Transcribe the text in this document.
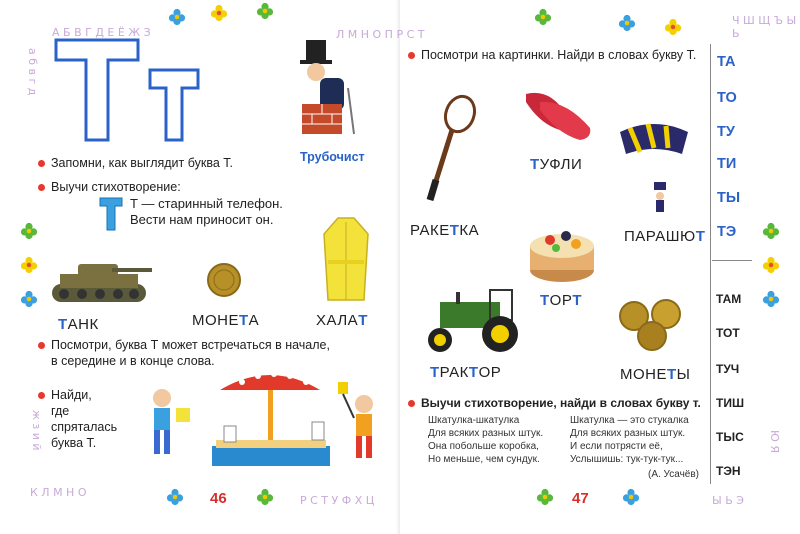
А Б В Г Д Е Ё Ж З
а б в г д
К Л М Н О
ж з и й
Р С Т У Ф Х Ц
Трубочист
Запомни, как выглядит буква Т.
Выучи стихотворение:
Т — старинный телефон.
Вести нам приносит он.
ТАНК	МОНЕТА	ХАЛАТ
Посмотри, буква Т может встречаться в начале,
в середине и в конце слова.
Найди,
где
спряталась
буква Т.
46
Л М Н О П Р С Т
Ч Ш Щ Ъ Ы Ь
Ы Ь Э
Ю Я
Посмотри на картинки. Найди в словах букву Т.
ТУФЛИ
РАКЕТКА	ПАРАШЮТ
ТОРТ
ТРАКТОР	МОНЕТЫ
Выучи стихотворение, найди в словах букву т.
Шкатулка-шкатулка
Для всяких разных штук.
Она побольше коробка,
Но меньше, чем сундук.
Шкатулка — это стукалка
Для всяких разных штук.
И если потрясти её,
Услышишь: тук-тук-тук...
(А. Усачёв)
47
ТА
ТО
ТУ
ТИ
ТЫ
ТЭ
ТАМ
ТОТ
ТУЧ
ТИШ
ТЫС
ТЭН
